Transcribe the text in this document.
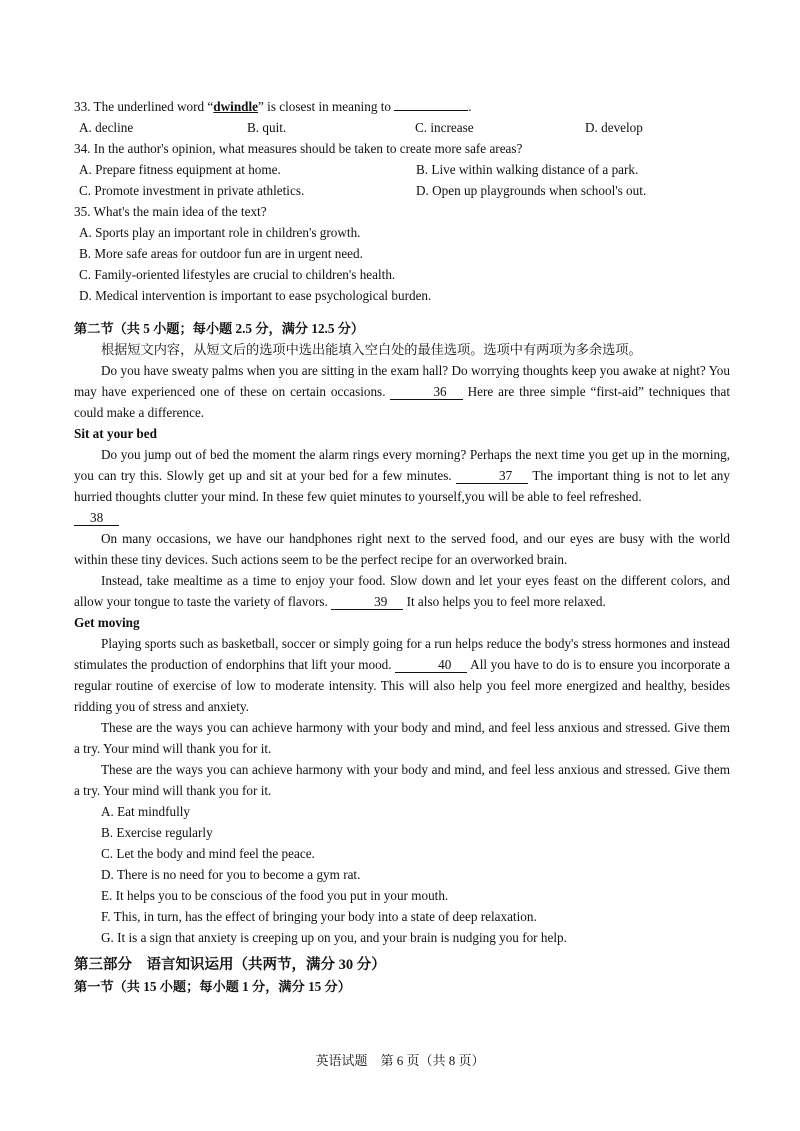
33. The underlined word “dwindle” is closest in meaning to	.
A. decline	B. quit.	C. increase	D. develop
34. In the author's opinion, what measures should be taken to create more safe areas?
A. Prepare fitness equipment at home.	B. Live within walking distance of a park.
C. Promote investment in private athletics.	D. Open up playgrounds when school's out.
35. What's the main idea of the text?
A. Sports play an important role in children's growth.
B. More safe areas for outdoor fun are in urgent need.
C. Family-oriented lifestyles are crucial to children's health.
D. Medical intervention is important to ease psychological burden.
第二节（共 5 小题；每小题 2.5 分，满分 12.5 分）
根据短文内容，从短文后的选项中选出能填入空白处的最佳选项。选项中有两项为多余选项。
Do you have sweaty palms when you are sitting in the exam hall? Do worrying thoughts keep you awake at night? You may have experienced one of these on certain occasions.	36 Here are three simple “first-aid” techniques that could make a difference.
Sit at your bed
Do you jump out of bed the moment the alarm rings every morning? Perhaps the next time you get up in the morning, you can try this. Slowly get up and sit at your bed for a few minutes.	37 The important thing is not to let any hurried thoughts clutter your mind. In these few quiet minutes to yourself,you will be able to feel refreshed.
38
On many occasions, we have our handphones right next to the served food, and our eyes are busy with the world within these tiny devices. Such actions seem to be the perfect recipe for an overworked brain.
Instead, take mealtime as a time to enjoy your food. Slow down and let your eyes feast on the different colors, and allow your tongue to taste the variety of flavors.	39 It also helps you to feel more relaxed.
Get moving
Playing sports such as basketball, soccer or simply going for a run helps reduce the body's stress hormones and instead stimulates the production of endorphins that lift your mood.	40 All you have to do is to ensure you incorporate a regular routine of exercise of low to moderate intensity. This will also help you feel more energized and healthy, besides ridding you of stress and anxiety.
These are the ways you can achieve harmony with your body and mind, and feel less anxious and stressed. Give them a try. Your mind will thank you for it.
These are the ways you can achieve harmony with your body and mind, and feel less anxious and stressed. Give them a try. Your mind will thank you for it.
A. Eat mindfully
B. Exercise regularly
C. Let the body and mind feel the peace.
D. There is no need for you to become a gym rat.
E. It helps you to be conscious of the food you put in your mouth.
F. This, in turn, has the effect of bringing your body into a state of deep relaxation.
G. It is a sign that anxiety is creeping up on you, and your brain is nudging you for help.
第三部分　语言知识运用（共两节，满分 30 分）
第一节（共 15 小题；每小题 1 分，满分 15 分）
英语试题　第 6 页（共 8 页）
